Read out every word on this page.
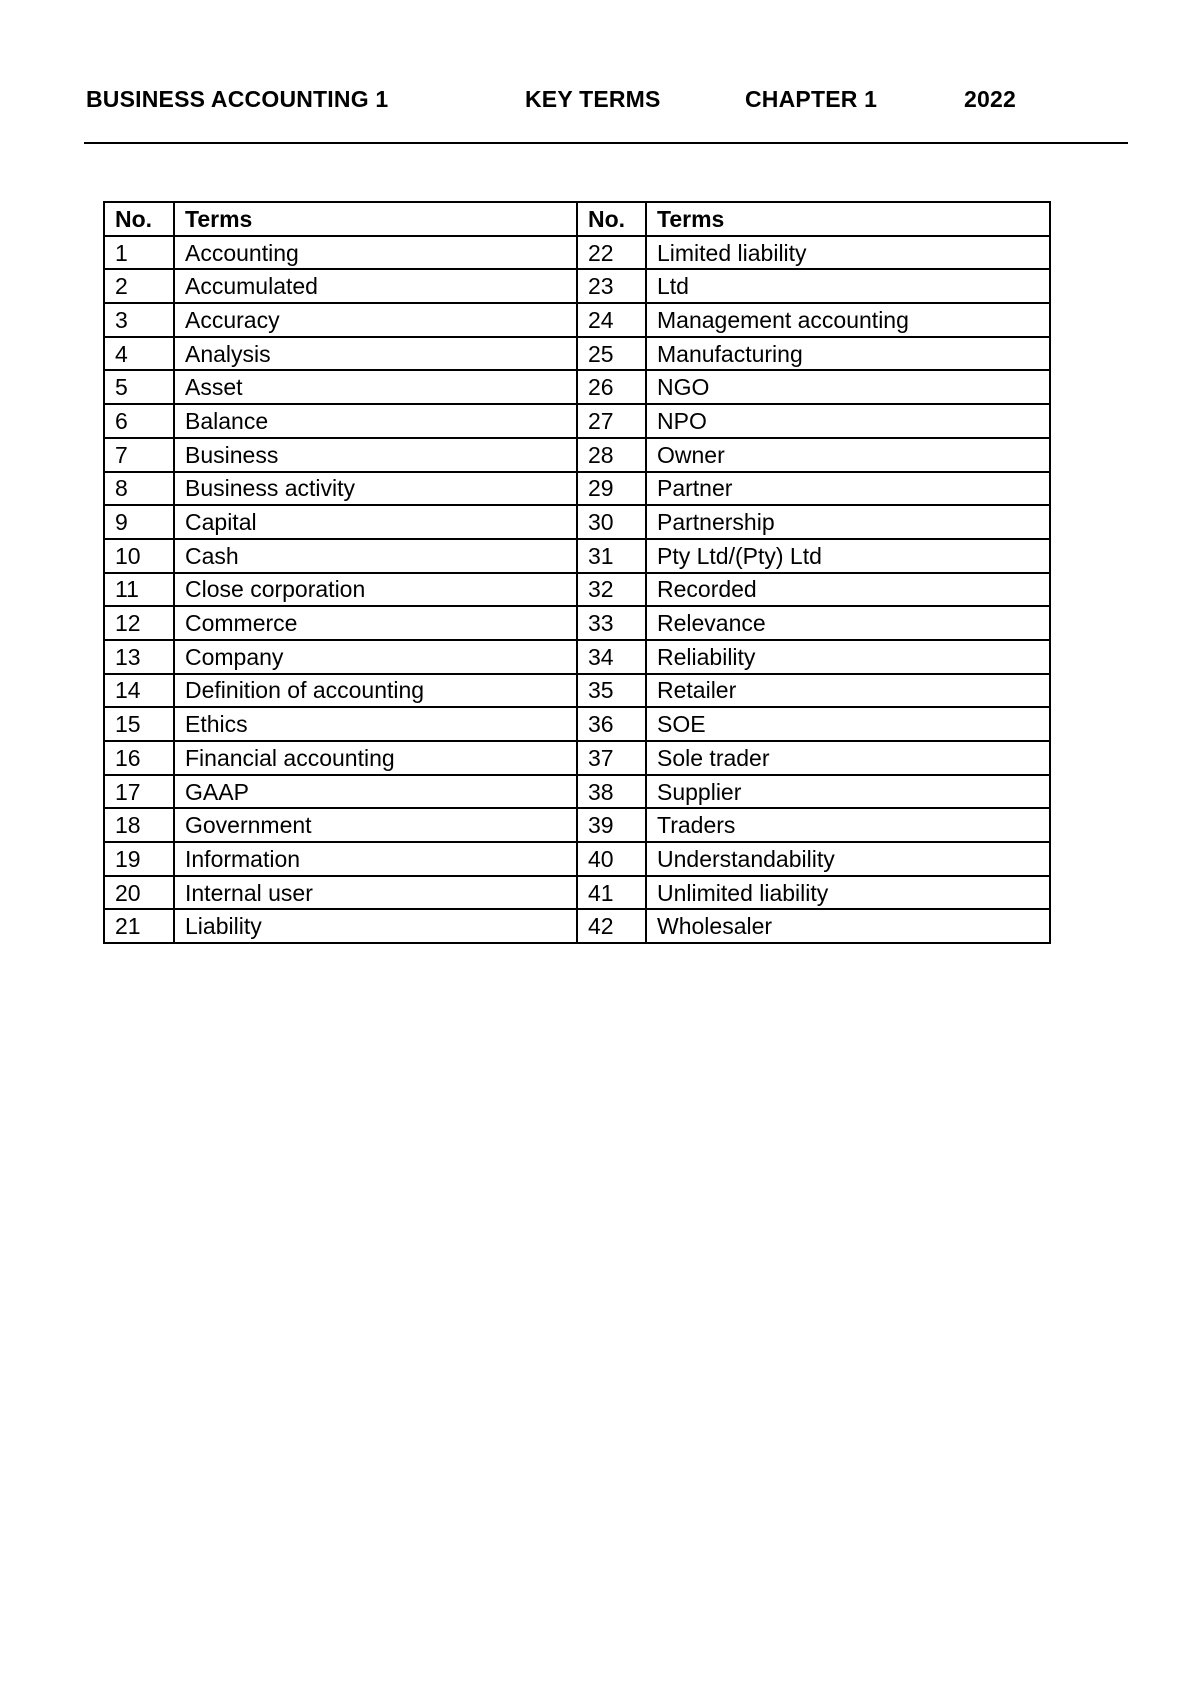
BUSINESS ACCOUNTING 1	KEY TERMS	CHAPTER 1	2022
No.	Terms	No.	Terms
1	Accounting	22	Limited liability
2	Accumulated	23	Ltd
3	Accuracy	24	Management accounting
4	Analysis	25	Manufacturing
5	Asset	26	NGO
6	Balance	27	NPO
7	Business	28	Owner
8	Business activity	29	Partner
9	Capital	30	Partnership
10	Cash	31	Pty Ltd/(Pty) Ltd
11	Close corporation	32	Recorded
12	Commerce	33	Relevance
13	Company	34	Reliability
14	Definition of accounting	35	Retailer
15	Ethics	36	SOE
16	Financial accounting	37	Sole trader
17	GAAP	38	Supplier
18	Government	39	Traders
19	Information	40	Understandability
20	Internal user	41	Unlimited liability
21	Liability	42	Wholesaler
